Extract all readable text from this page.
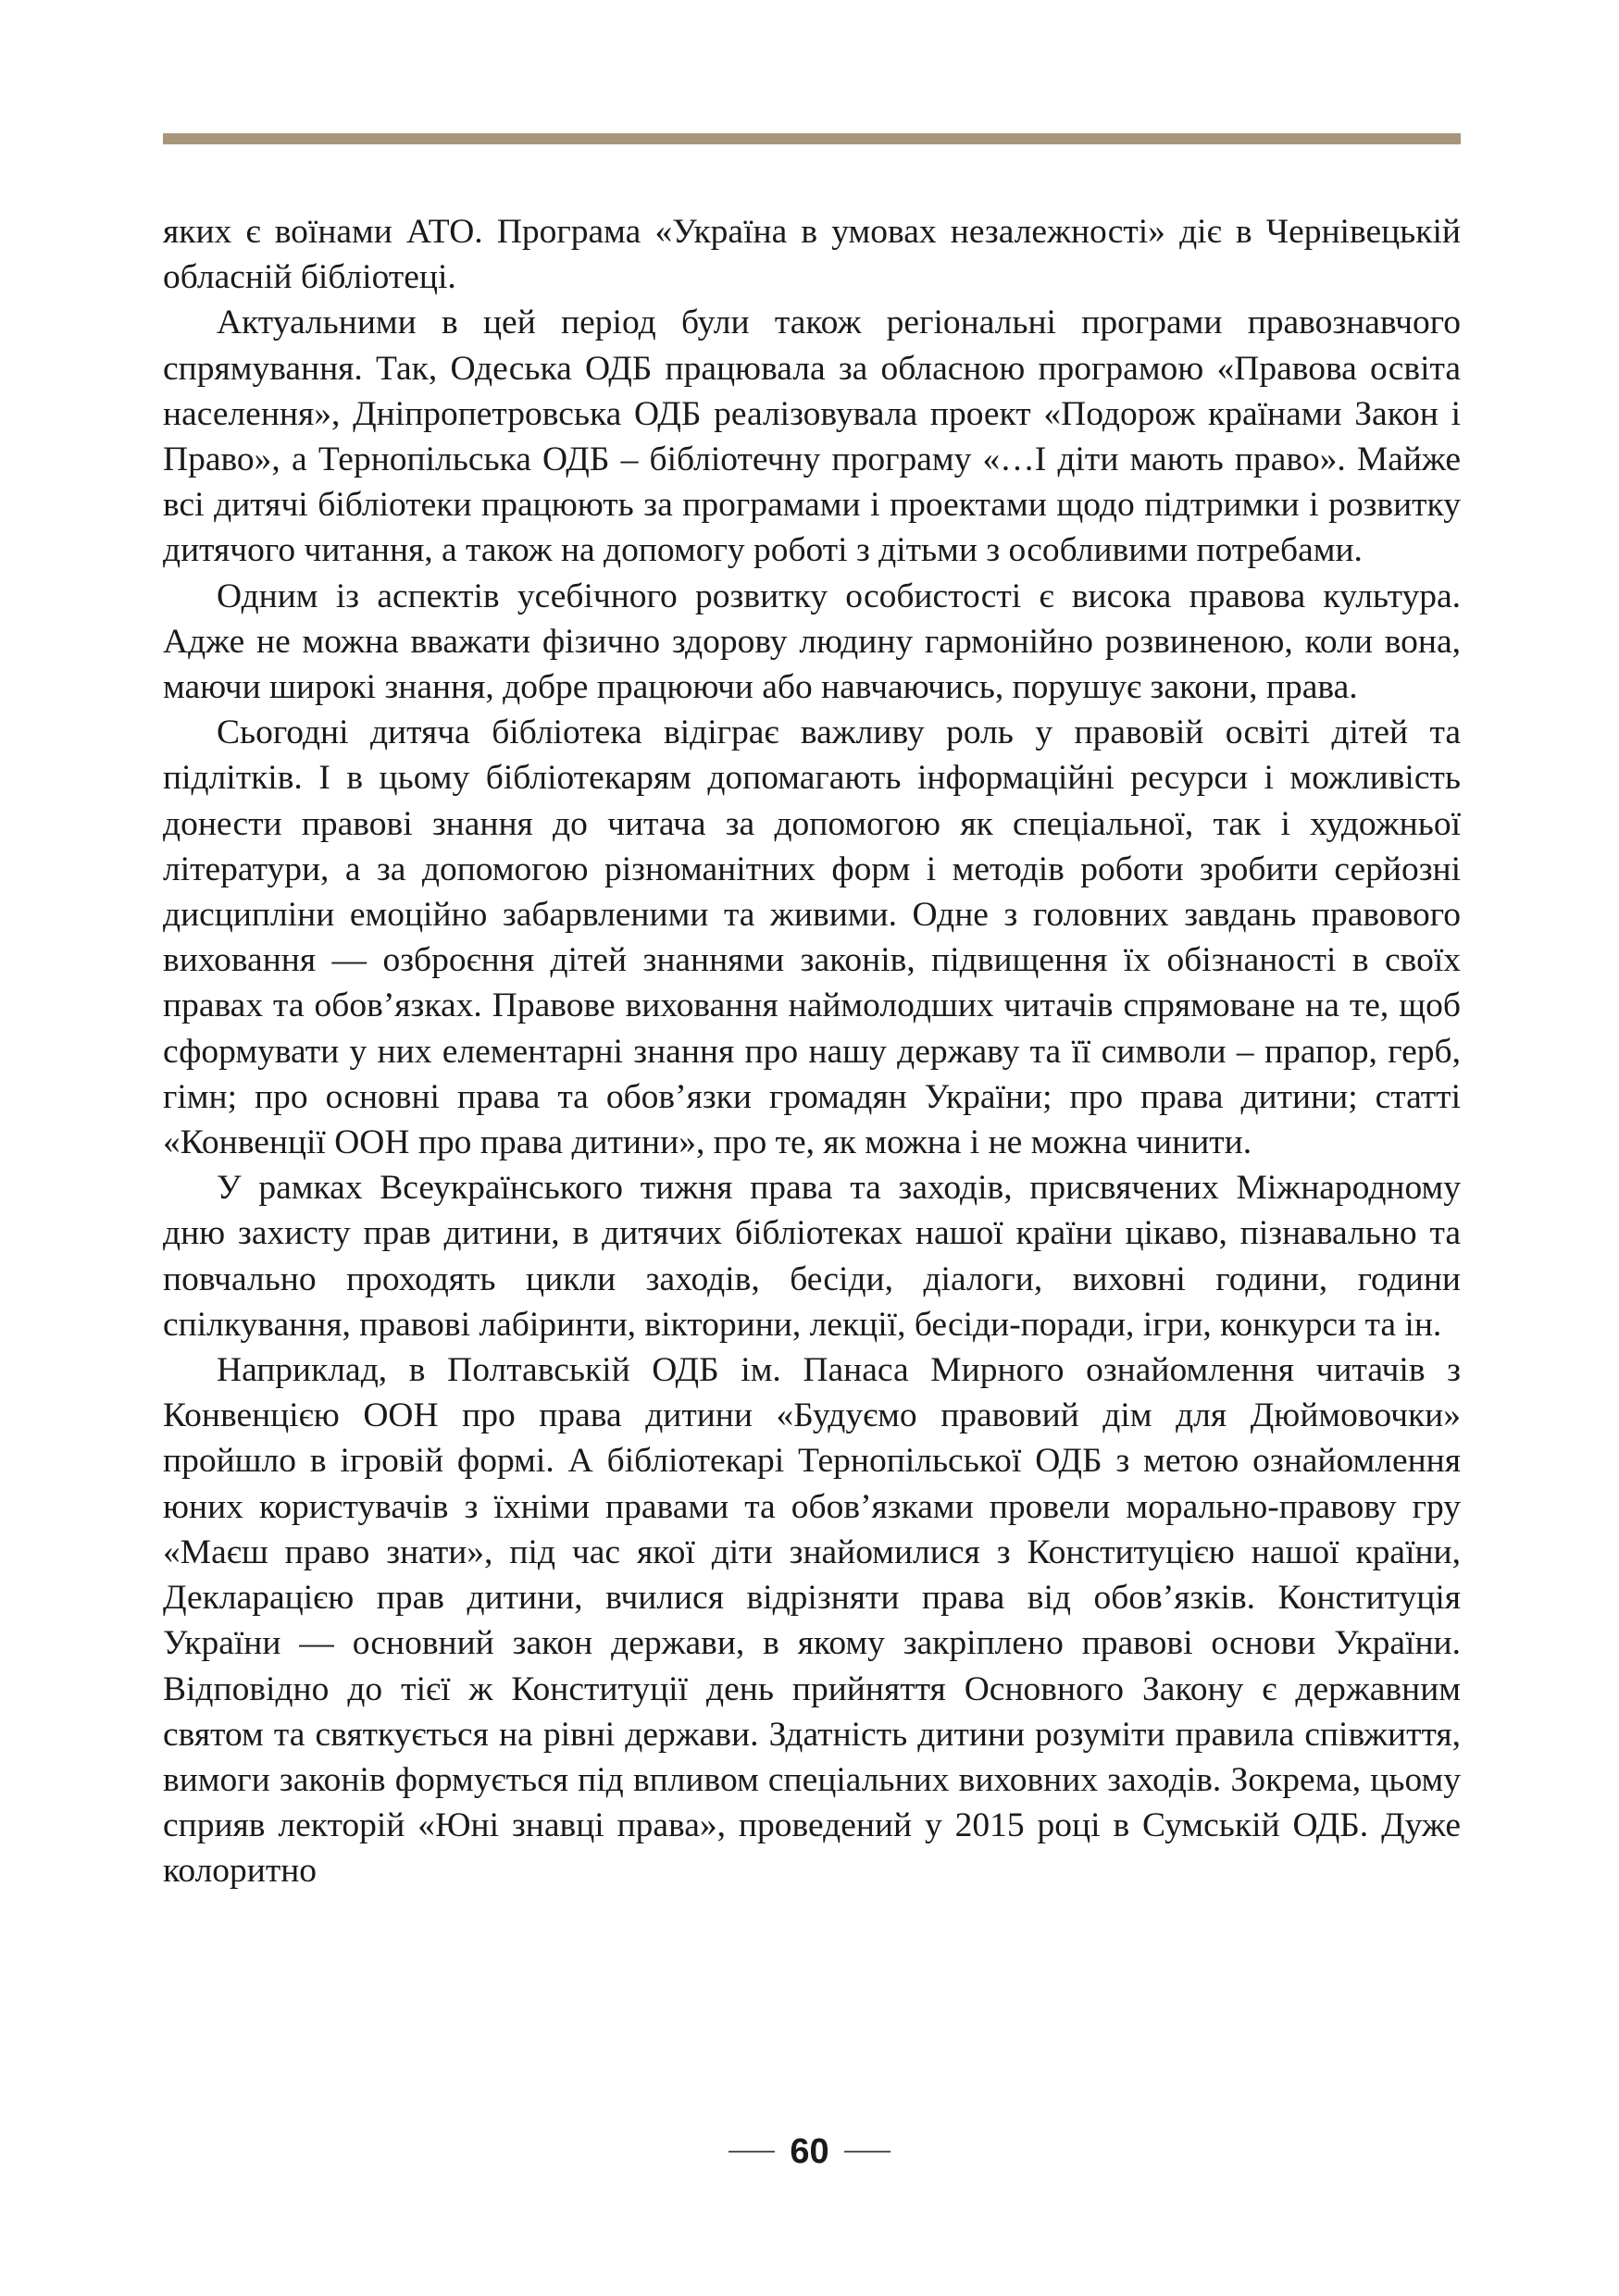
яких є воїнами АТО. Програма «Україна в умовах незалежності» діє в Чернівецькій обласній бібліотеці.

Актуальними в цей період були також регіональні програми правознавчого спрямування. Так, Одеська ОДБ працювала за обласною програмою «Правова освіта населення», Дніпропетровська ОДБ реалізовувала проект «Подорож країнами Закон і Право», а Тернопільська ОДБ – бібліотечну програму «…І діти мають право». Майже всі дитячі бібліотеки працюють за програмами і проектами щодо підтримки і розвитку дитячого читання, а також на допомогу роботі з дітьми з особливими потребами.

Одним із аспектів усебічного розвитку особистості є висока правова культура. Адже не можна вважати фізично здорову людину гармонійно розвиненою, коли вона, маючи широкі знання, добре працюючи або навчаючись, порушує закони, права.

Сьогодні дитяча бібліотека відіграє важливу роль у правовій освіті дітей та підлітків. І в цьому бібліотекарям допомагають інформаційні ресурси і можливість донести правові знання до читача за допомогою як спеціальної, так і художньої літератури, а за допомогою різноманітних форм і методів роботи зробити серйозні дисципліни емоційно забарвленими та живими. Одне з головних завдань правового виховання — озброєння дітей знаннями законів, підвищення їх обізнаності в своїх правах та обов’язках. Правове виховання наймолодших читачів спрямоване на те, щоб сформувати у них елементарні знання про нашу державу та її символи – прапор, герб, гімн; про основні права та обов’язки громадян України; про права дитини; статті «Конвенції ООН про права дитини», про те, як можна і не можна чинити.

У рамках Всеукраїнського тижня права та заходів, присвячених Міжнародному дню захисту прав дитини, в дитячих бібліотеках нашої країни цікаво, пізнавально та повчально проходять цикли заходів, бесіди, діалоги, виховні години, години спілкування, правові лабіринти, вікторини, лекції, бесіди-поради, ігри, конкурси та ін.

Наприклад, в Полтавській ОДБ ім. Панаса Мирного ознайомлення читачів з Конвенцією ООН про права дитини «Будуємо правовий дім для Дюймовочки» пройшло в ігровій формі. А бібліотекарі Тернопільської ОДБ з метою ознайомлення юних користувачів з їхніми правами та обов’язками провели морально-правову гру «Маєш право знати», під час якої діти знайомилися з Конституцією нашої країни, Декларацією прав дитини, вчилися відрізняти права від обов’язків. Конституція України — основний закон держави, в якому закріплено правові основи України. Відповідно до тієї ж Конституції день прийняття Основного Закону є державним святом та святкується на рівні держави. Здатність дитини розуміти правила співжиття, вимоги законів формується під впливом спеціальних виховних заходів. Зокрема, цьому сприяв лекторій «Юні знавці права», проведений у 2015 році в Сумській ОДБ. Дуже колоритно

60
